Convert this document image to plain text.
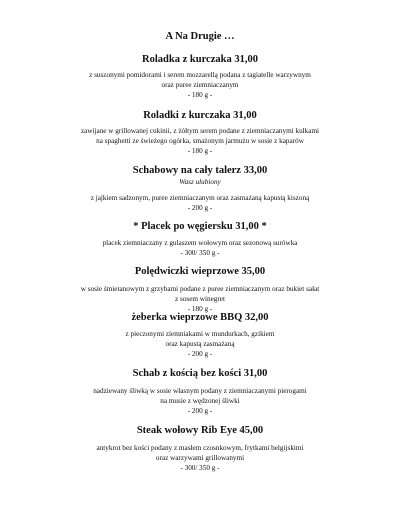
A Na Drugie …
Roladka z kurczaka 31,00
z suszonymi pomidorami i serem mozzarellą podana z tagiatelle warzywnym
oraz puree ziemniaczanym
- 180 g -
Roladki z kurczaka 31,00
zawijane w grillowanej cukinii, z żółtym serem podane z ziemniaczanymi kulkami
na spaghetti ze świeżego ogórka, smażonym jarmużu w sosie z kaparów
- 180 g -
Schabowy na cały talerz 33,00
Wasz ulubiony
z jajkiem sadzonym, puree ziemniaczanym oraz zasmażaną kapustą kiszoną
- 200 g -
* Placek po węgiersku 31,00 *
placek ziemniaczany z gulaszem wołowym oraz sezonową surówka
- 300/ 350 g -
Polędwiczki wieprzowe 35,00
w sosie śmietanowym z grzybami podane z puree ziemniaczanym oraz bukiet sałat
z sosem winegret
- 180 g -
żeberka wieprzowe BBQ 32,00
z pieczonymi ziemniakami w mundurkach, gzikiem
oraz kapustą zasmażaną
- 200 g -
Schab z kością bez kości 31,00
nadziewany śliwką w sosie własnym podany z ziemniaczanymi pierogami
na musie z wędzonej śliwki
- 200 g -
Steak wołowy Rib Eye 45,00
antykrot bez kości podany z masłem czosnkowym, frytkami belgijskimi
oraz warzywami grillowanymi
- 300/ 350 g -
